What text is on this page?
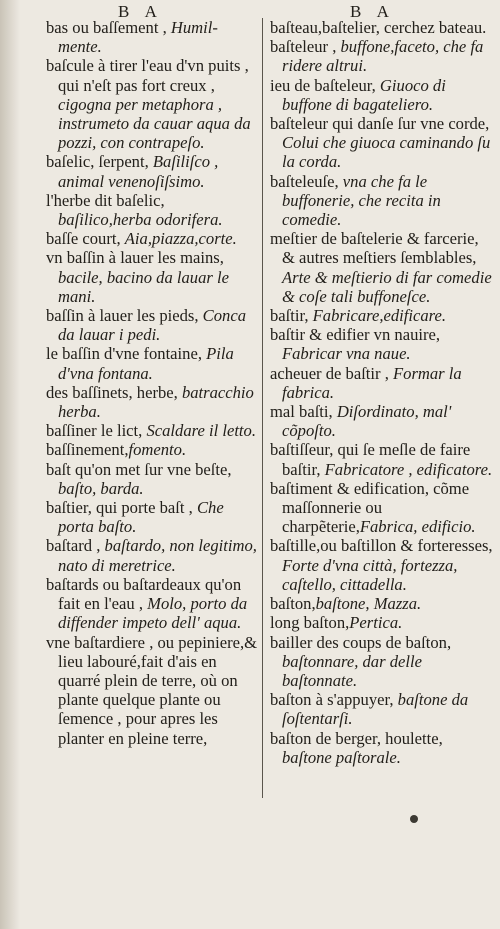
B A	B A

bas ou baſſement , Humil-mente.

baſcule à tirer l'eau d'vn puits , qui n'eſt pas fort creux , cigogna per metaphora , instrumeto da cauar aqua da pozzi, con contrapeſo.

baſelic, ſerpent, Baſiliſco , animal venenoſiſsimo.

l'herbe dit baſelic, baſilico,herba odorifera.

baſſe court, Aia,piazza,corte.

vn baſſin à lauer les mains, bacile, bacino da lauar le mani.

baſſin à lauer les pieds, Conca da lauar i pedi.

le baſſin d'vne fontaine, Pila d'vna fontana.

des baſſinets, herbe, batracchio herba.

baſſiner le lict, Scaldare il letto.

baſſinement,fomento.

baſt qu'on met ſur vne beſte, baſto, barda.

baſtier, qui porte baſt , Che porta baſto.

baſtard , baſtardo, non legitimo, nato di meretrice.

baſtards ou baſtardeaux qu'on fait en l'eau , Molo, porto da diffender impeto dell' aqua.

vne baſtardiere , ou pepiniere,& lieu labouré,fait d'ais en quarré plein de terre, où on plante quelque plante ou ſemence , pour apres les planter en pleine terre,

baſteau,baſtelier, cerchez bateau.

baſteleur , buffone,faceto, che fa ridere altrui.

ieu de baſteleur, Giuoco di buffone di bagateliero.

baſteleur qui danſe ſur vne corde, Colui che giuoca caminando ſu la corda.

baſteleuſe, vna che fa le buffonerie, che recita in comedie.

meſtier de baſtelerie & farcerie, & autres meſtiers ſemblables, Arte & meſtierio di far comedie & coſe tali buffoneſce.

baſtir, Fabricare,edificare.

baſtir & edifier vn nauire, Fabricar vna naue.

acheuer de baſtir , Formar la fabrica.

mal baſti, Diſordinato, mal' cõpoſto.

baſtiſſeur, qui ſe meſle de faire baſtir, Fabricatore , edificatore.

baſtiment & edification, cõme maſſonnerie ou charpẽterie,Fabrica, edificio.

baſtille,ou baſtillon & forteresses, Forte d'vna città, fortezza, caſtello, cittadella.

baſton,baſtone, Mazza.

long baſton,Pertica.

bailler des coups de baſton, baſtonnare, dar delle baſtonnate.

baſton à s'appuyer, baſtone da ſoſtentarſi.

baſton de berger, houlette, baſtone paſtorale.
